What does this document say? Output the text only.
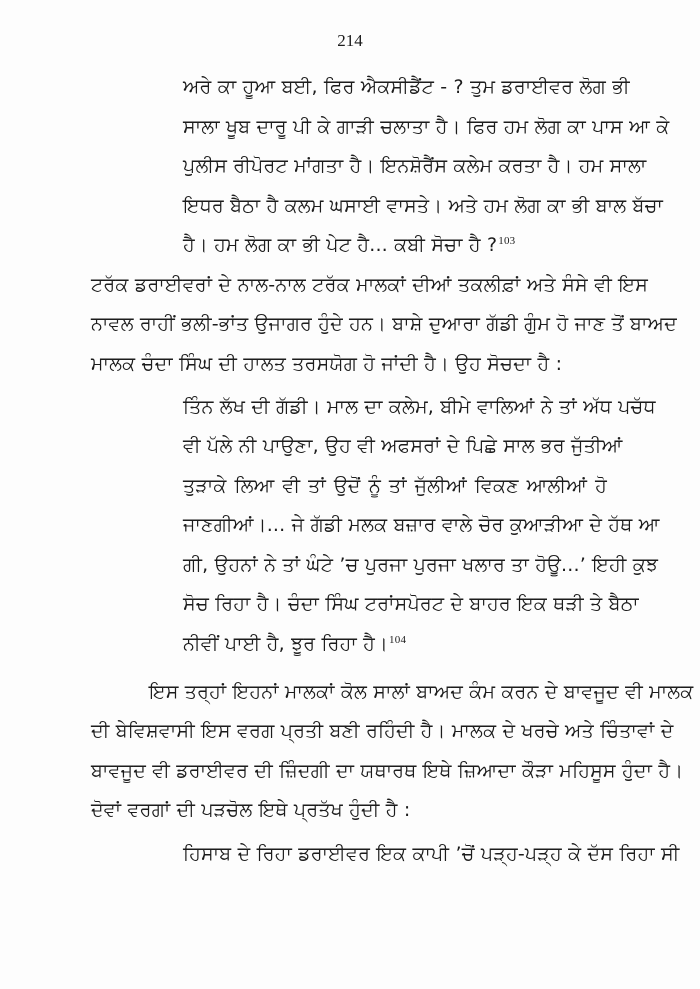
214
ਅਰੇ ਕਾ ਹੂਆ ਬਈ, ਫਿਰ ਐਕਸੀਡੈਂਟ - ? ਤੁਮ ਡਰਾਈਵਰ ਲੋਗ ਭੀ
ਸਾਲਾ ਖੂਬ ਦਾਰੂ ਪੀ ਕੇ ਗਾੜੀ ਚਲਾਤਾ ਹੈ। ਫਿਰ ਹਮ ਲੋਗ ਕਾ ਪਾਸ ਆ ਕੇ
ਪੁਲੀਸ ਰੀਪੋਰਟ ਮਾਂਗਤਾ ਹੈ। ਇਨਸ਼ੋਰੈਂਸ ਕਲੇਮ ਕਰਤਾ ਹੈ। ਹਮ ਸਾਲਾ
ਇਧਰ ਬੈਠਾ ਹੈ ਕਲਮ ਘਸਾਈ ਵਾਸਤੇ। ਅਤੇ ਹਮ ਲੋਗ ਕਾ ਭੀ ਬਾਲ ਬੱਚਾ
ਹੈ। ਹਮ ਲੋਗ ਕਾ ਭੀ ਪੇਟ ਹੈ... ਕਬੀ ਸੋਚਾ ਹੈ ?$^{103}$
ਟਰੱਕ ਡਰਾਈਵਰਾਂ ਦੇ ਨਾਲ-ਨਾਲ ਟਰੱਕ ਮਾਲਕਾਂ ਦੀਆਂ ਤਕਲੀਫ਼ਾਂ ਅਤੇ ਸੰਸੇ ਵੀ ਇਸ
ਨਾਵਲ ਰਾਹੀਂ ਭਲੀ-ਭਾਂਤ ਉਜਾਗਰ ਹੁੰਦੇ ਹਨ। ਬਾਸ਼ੇ ਦੁਆਰਾ ਗੱਡੀ ਗੁੰਮ ਹੋ ਜਾਣ ਤੋਂ ਬਾਅਦ
ਮਾਲਕ ਚੰਦਾ ਸਿੰਘ ਦੀ ਹਾਲਤ ਤਰਸਯੋਗ ਹੋ ਜਾਂਦੀ ਹੈ। ਉਹ ਸੋਚਦਾ ਹੈ :
ਤਿੰਨ ਲੱਖ ਦੀ ਗੱਡੀ। ਮਾਲ ਦਾ ਕਲੇਮ, ਬੀਮੇ ਵਾਲਿਆਂ ਨੇ ਤਾਂ ਅੱਧ ਪਚੱਧ
ਵੀ ਪੱਲੇ ਨੀ ਪਾਉਣਾ, ਉਹ ਵੀ ਅਫਸਰਾਂ ਦੇ ਪਿਛੇ ਸਾਲ ਭਰ ਜੁੱਤੀਆਂ
ਤੁੜਾਕੇ ਲਿਆ ਵੀ ਤਾਂ ਉਦੋਂ ਨੂੰ ਤਾਂ ਜੁੱਲੀਆਂ ਵਿਕਣ ਆਲੀਆਂ ਹੋ
ਜਾਣਗੀਆਂ।... ਜੇ ਗੱਡੀ ਮਲਕ ਬਜ਼ਾਰ ਵਾਲੇ ਚੋਰ ਕੁਆੜੀਆ ਦੇ ਹੱਥ ਆ
ਗੀ, ਉਹਨਾਂ ਨੇ ਤਾਂ ਘੰਟੇ ’ਚ ਪੁਰਜਾ ਪੁਰਜਾ ਖਲਾਰ ਤਾ ਹੋਊ...’ ਇਹੀ ਕੁਝ
ਸੋਚ ਰਿਹਾ ਹੈ। ਚੰਦਾ ਸਿੰਘ ਟਰਾਂਸਪੋਰਟ ਦੇ ਬਾਹਰ ਇਕ ਥੜੀ ਤੇ ਬੈਠਾ
ਨੀਵੀਂ ਪਾਈ ਹੈ, ਝੂਰ ਰਿਹਾ ਹੈ।$^{104}$
ਇਸ ਤਰ੍ਹਾਂ ਇਹਨਾਂ ਮਾਲਕਾਂ ਕੋਲ ਸਾਲਾਂ ਬਾਅਦ ਕੰਮ ਕਰਨ ਦੇ ਬਾਵਜੂਦ ਵੀ ਮਾਲਕ
ਦੀ ਬੇਵਿਸ਼ਵਾਸੀ ਇਸ ਵਰਗ ਪ੍ਰਤੀ ਬਣੀ ਰਹਿੰਦੀ ਹੈ। ਮਾਲਕ ਦੇ ਖਰਚੇ ਅਤੇ ਚਿੰਤਾਵਾਂ ਦੇ
ਬਾਵਜੂਦ ਵੀ ਡਰਾਈਵਰ ਦੀ ਜ਼ਿੰਦਗੀ ਦਾ ਯਥਾਰਥ ਇਥੇ ਜ਼ਿਆਦਾ ਕੌੜਾ ਮਹਿਸੂਸ ਹੁੰਦਾ ਹੈ।
ਦੋਵਾਂ ਵਰਗਾਂ ਦੀ ਪੜਚੋਲ ਇਥੇ ਪ੍ਰਤੱਖ ਹੁੰਦੀ ਹੈ :
ਹਿਸਾਬ ਦੇ ਰਿਹਾ ਡਰਾਈਵਰ ਇਕ ਕਾਪੀ ’ਚੋਂ ਪੜ੍ਹ-ਪੜ੍ਹ ਕੇ ਦੱਸ ਰਿਹਾ ਸੀ
